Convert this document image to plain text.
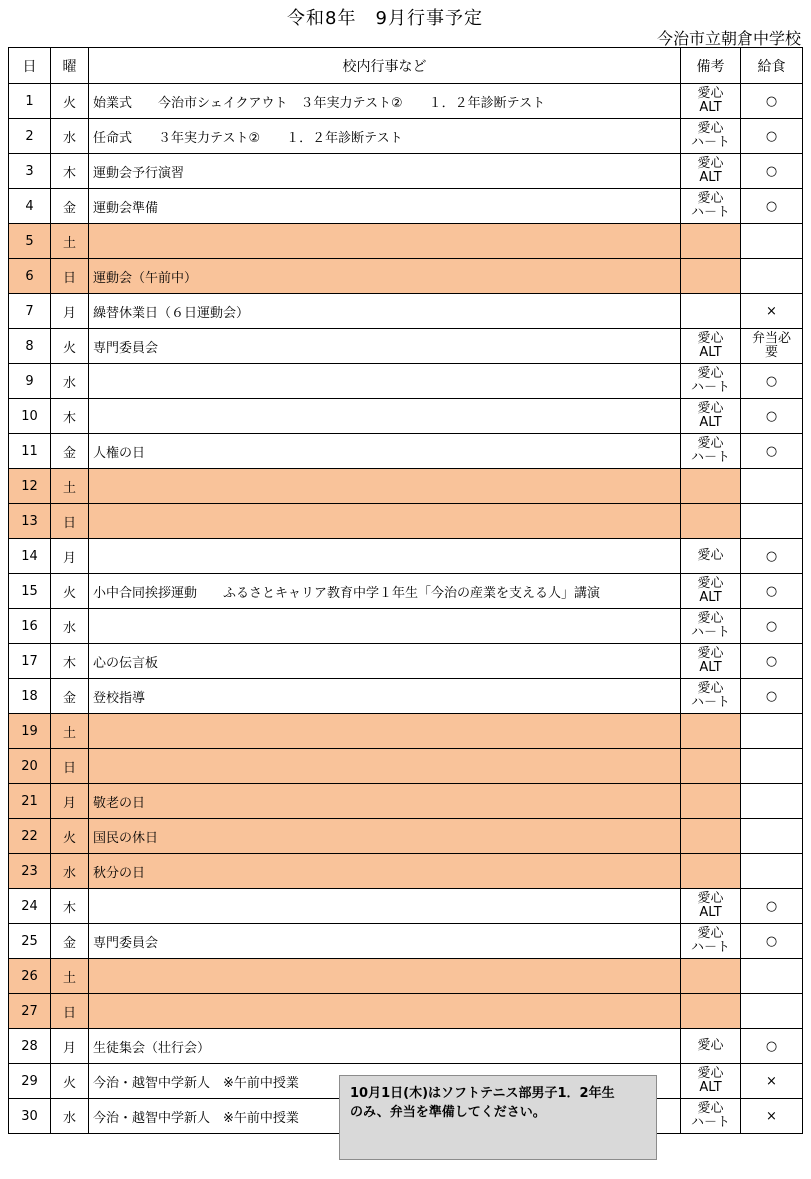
令和8年　9月行事予定
今治市立朝倉中学校
日	曜	校内行事など	備考	給食
1	火	始業式　　今治市シェイクアウト　３年実力テスト②　　１．２年診断テスト	愛心
ALT	○
2	水	任命式　　３年実力テスト②　　１．２年診断テスト	愛心
ハ－ト	○
3	木	運動会予行演習	愛心
ALT	○
4	金	運動会準備	愛心
ハ－ト	○
5	土			
6	日	運動会（午前中）		
7	月	繰替休業日（６日運動会）		×
8	火	専門委員会	愛心
ALT	弁当必
要

9	水		愛心
ハ－ト	○
10	木		愛心
ALT	○
11	金	人権の日	愛心
ハ－ト	○
12	土			
13	日			
14	月		愛心	○
15	火	小中合同挨拶運動　　ふるさとキャリア教育中学１年生「今治の産業を支える人」講演	愛心
ALT	○
16	水		愛心
ハ－ト	○
17	木	心の伝言板	愛心
ALT	○
18	金	登校指導	愛心
ハ－ト	○
19	土			
20	日			
21	月	敬老の日		
22	火	国民の休日		
23	水	秋分の日		
24	木		愛心
ALT	○
25	金	専門委員会	愛心
ハ－ト	○
26	土			
27	日			
28	月	生徒集会（壮行会）	愛心	○
29	火	今治・越智中学新人　※午前中授業	愛心
ALT	×
30	水	今治・越智中学新人　※午前中授業	愛心
ハ－ト	×
10月1日(木)はソフトテニス部男子1．2年生
のみ、弁当を準備してください。
